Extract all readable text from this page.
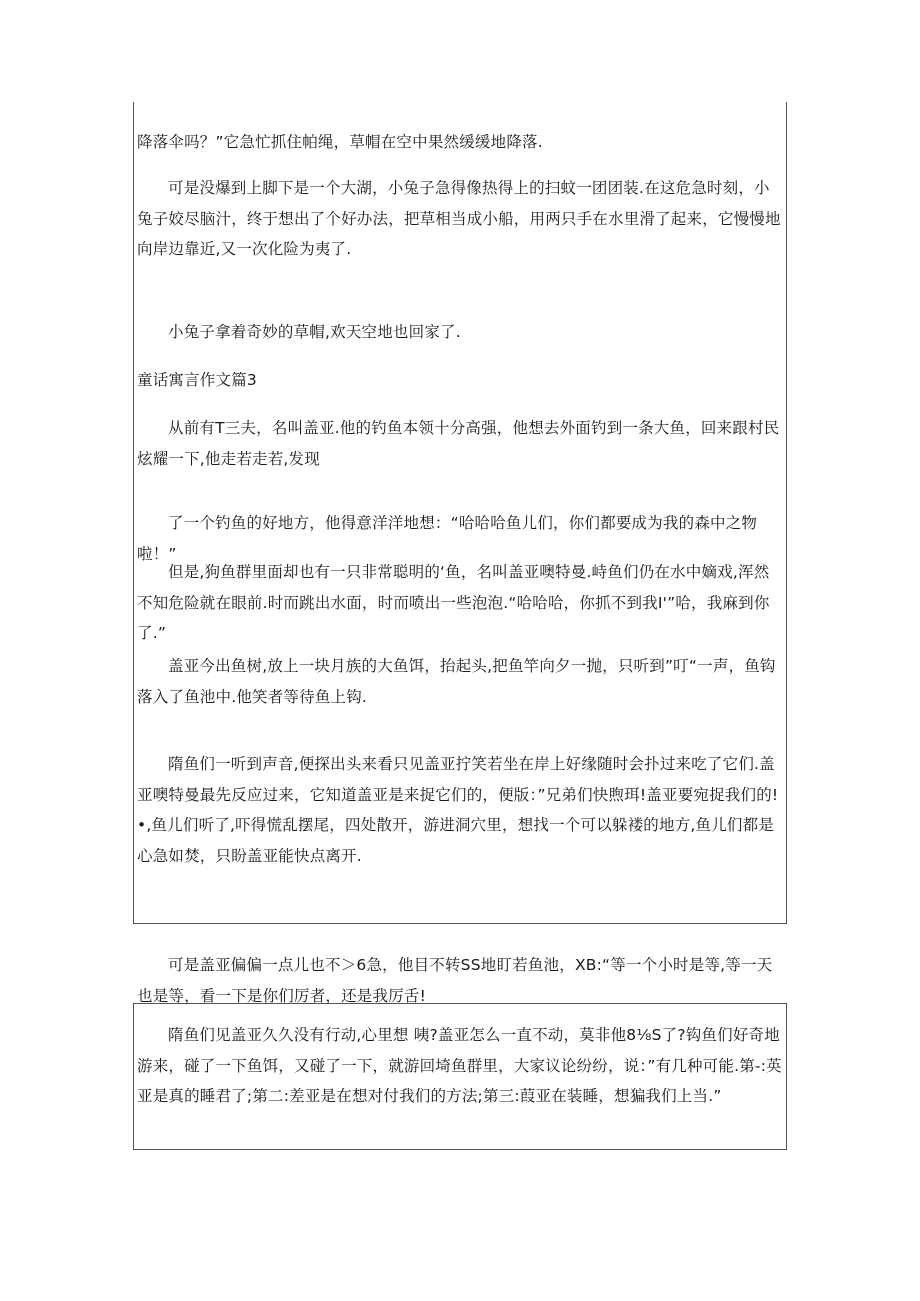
降落伞吗？”它急忙抓住帕绳，草帽在空中果然缓缓地降落.

可是没爆到上脚下是一个大湖，小兔子急得像热得上的扫蚊一团团装.在这危急时刻，小兔子姣尽脑汁，终于想出了个好办法，把草相当成小船，用两只手在水里滑了起来，它慢慢地向岸边靠近,又一次化险为夷了.

小兔子拿着奇妙的草帽,欢天空地也回家了.

童话寓言作文篇3

从前有T三夫，名叫盖亚.他的钓鱼本领十分高强，他想去外面钓到一条大鱼，回来跟村民炫耀一下,他走若走若,发现

了一个钓鱼的好地方，他得意洋洋地想：“哈哈哈鱼儿们，你们都要成为我的森中之物啦！”

但是,狗鱼群里面却也有一只非常聪明的‘鱼，名叫盖亚噢特曼.峙鱼们仍在水中嫡戏,浑然不知危险就在眼前.时而跳出水面，时而喷出一些泡泡.“哈哈哈，你抓不到我I'”哈，我麻到你了.”

盖亚今出鱼树,放上一块月族的大鱼饵，抬起头,把鱼竿向夕一抛，只听到”叮“一声，鱼钩落入了鱼池中.他笑者等待鱼上钩.

隋鱼们一听到声音,便探出头来看只见盖亚拧笑若坐在岸上好缘随时会扑过来吃了它们.盖亚噢特曼最先反应过来，它知道盖亚是来捉它们的，便版：”兄弟们快煦珥!盖亚要宛捉我们的!•,鱼儿们听了,吓得慌乱摆尾，四处散开，游进洞穴里，想找一个可以躲褛的地方,鱼儿们都是心急如焚，只盼盖亚能快点离开.

可是盖亚偏偏一点儿也不＞6急，他目不转SS地盯若鱼池，XB:“等一个小时是等,等一天也是等，看一下是你们厉者，还是我厉舌!

隋鱼们见盖亚久久没有行动,心里想 咦?盖亚怎么一直不动，莫非他8⅛S了?钩鱼们好奇地游来，碰了一下鱼饵，又碰了一下，就游回埼鱼群里，大家议论纷纷，说：”有几种可能.第-:英亚是真的睡君了;第二:差亚是在想对付我们的方法;第三:葭亚在装睡，想猵我们上当.”
